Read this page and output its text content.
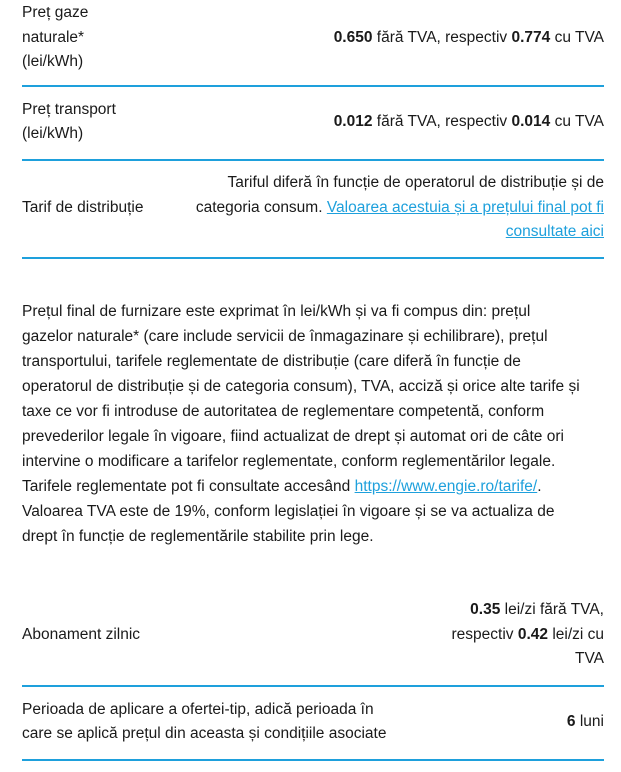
Preț gaze
naturale*
(lei/kWh)
0.650 fără TVA, respectiv 0.774 cu TVA
Preț transport
(lei/kWh)
0.012 fără TVA, respectiv 0.014 cu TVA
Tarif de distribuție
Tariful diferă în funcție de operatorul de distribuție și de
categoria consum. Valoarea acestuia și a prețului final pot fi
consultate aici
Prețul final de furnizare este exprimat în lei/kWh și va fi compus din: prețul
gazelor naturale* (care include servicii de înmagazinare și echilibrare), prețul
transportului, tarifele reglementate de distribuție (care diferă în funcție de
operatorul de distribuție și de categoria consum), TVA, acciză și orice alte tarife și
taxe ce vor fi introduse de autoritatea de reglementare competentă, conform
prevederilor legale în vigoare, fiind actualizat de drept și automat ori de câte ori
intervine o modificare a tarifelor reglementate, conform reglementărilor legale.
Tarifele reglementate pot fi consultate accesând https://www.engie.ro/tarife/.
Valoarea TVA este de 19%, conform legislației în vigoare și se va actualiza de
drept în funcție de reglementările stabilite prin lege.
Abonament zilnic
0.35 lei/zi fără TVA,
respectiv 0.42 lei/zi cu
TVA
Perioada de aplicare a ofertei-tip, adică perioada în
care se aplică prețul din aceasta și condițiile asociate
6 luni
